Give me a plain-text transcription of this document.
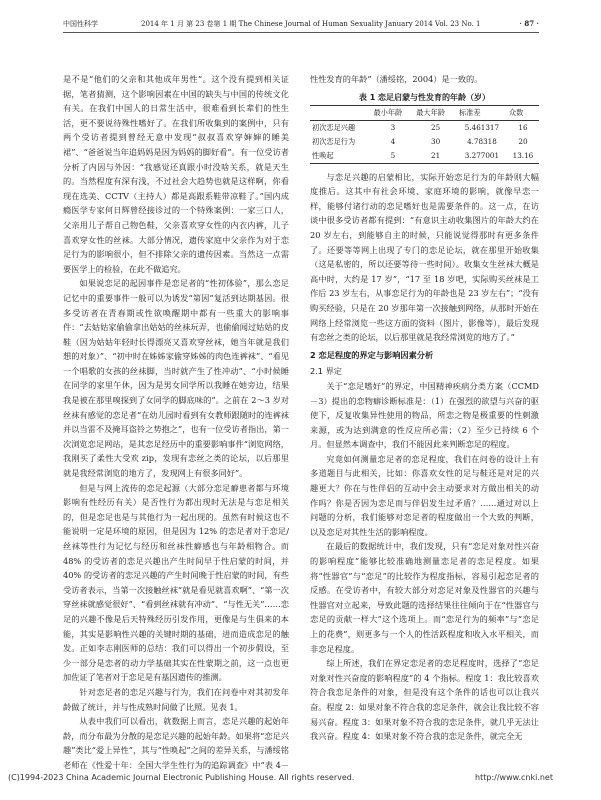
中国性科学	2014 年 1 月 第 23 卷第 1 期 The Chinese Journal of Human Sexuality January 2014 Vol. 23 No. 1	· 87 ·

是不是“他们的父亲和其他成年男性”。这个没有提到相关证据，笔者猜测，这个影响因素在中国的缺失与中国的传统文化有关。在我们中国人的日常生活中，很难看到长辈们的性生活，更不要说待殊性嗜好了。在我们所收集到的案例中，只有两个受访者提到曾经无意中发现“叔叔喜欢穿婶婶的睡美裙”、“爸爸说当年追妈妈是因为妈妈的脚好看”。有一位受访者分析了内因与外因：“我感觉还真跟小时没啥关系，就是天生的。当然程度有深有浅，不过社会大趋势也就是这样啊，你看现在选美、CCTV（主持人）都是高跟系鞋带凉鞋了。”国内成瘾医学专家何日辉曾经接诊过的一个特殊案例：一家三口人，父亲用儿子帮自己物色鞋，父亲喜欢穿女性的内衣内裤，儿子喜欢穿女性的丝袜。大部分情况，遗传家庭中父亲作为对于恋足行为的影响很小，但不排除父亲的遗传因素。当然这一点需要医学上的检验，在此不做追究。

如果说恋足的起因事件是恋足者的“性初体验”，那么恋足记忆中的重要事件一般可以为诱发“第因”复活到达期基因。很多受访者在青春期或性欲唤醒期中都有一些重大的影响事件：“去姑姑家偷偷拿出姑姑的丝袜玩弄，也偷偷闻过姑姑的皮鞋（因为姑姑年轻时长得漂亮又喜欢穿丝袜，她当年就是我们想的对象）”、“初中时在姊姊家偷穿姊姊的肉色连裤袜”、“看见一个唱歌的女孩的丝袜脚，当时就产生了性冲动”、“小时候睡在同学的家里午休，因为是男女同学所以我睡在她旁边，结果我是被在那里嗅探到了女同学的脚底味的”。之前在 2～3 岁对丝袜有感觉的恋足者“在幼儿园时看到有女教师跟随时的连裤袜并以当雷不及掩耳盗铃之势抱之”，也有一位受访者指出，第一次浏览恋足网站，是其恋足经历中的重要影响事件“浏览网络，我刚买了柔性大受欢 zip，发现有恋丝之类的论坛，以后那里就是我经常浏览的地方了，发现网上有很多同好”。

但是与网上流传的恋足起源（大部分恋足癖患者都与环境影响有性经历有关）是否性行为都出现时无法是与恋足相关的，但是恋足也是与其他行为一起出现的。虽然有时候这也不能说明一定是环境的原因，但是因为 12% 的恋足者对于恋足/丝袜等性行为记忆与经历和丝袜性癖感也与年龄相物合。而 48% 的受访者的恋足兴趣出产生时间早于性启蒙的时间，并 40% 的受访者的恋足兴趣的产生时间晚于性启蒙的时间，有些受访者表示，当第一次接触丝袜“就是看见就喜欢啊”、“第一次穿丝袜就感觉很好”、“看到丝袜就有冲动”、“与性无关”……恋足的兴趣不像是后天特殊经历引发作用，更像是与生俱来的本能，其实是影响性兴趣的关键时期的基础，进而造成恋足的触发。正如李志刚医师的总结：我们可以得出一个初步假设，至少一部分是恋者的动力学基础其实在性蒙期之前，这一点也更加佐证了笔者对于恋足是有基因遗传的推测。

针对恋足者的恋足兴趣与行为，我们在问卷中对其初发年龄做了统计，并与性成熟时间做了比照。见表 1。

从表中我们可以看出，就数据上而言，恋足兴趣的起始年龄，而分布最为分散的是恋足兴趣的起始年龄。如果将“恋足兴趣”类比“爱上异性”，其与“性唤起”之间的差异关系，与潘绥铭老师在《性爱十年：全国大学生性行为的追踪调查》中“表 4－

性性发育的年龄”（潘绥铭，2004）是一致的。

表 1 恋足启蒙与性发育的年龄（岁）
	最小年龄	最大年龄	标准差	众数
初次恋足兴趣	3	25	5.461317	16
初次恋足行为	4	30	4.78318	20
性唤起	5	21	3.277001	13.16

与恋足兴趣的启蒙相比，实际开始恋足行为的年龄则大幅度推后。这其中有社会环境、家庭环境的影响，就像早恋一样，能够付诸行动的恋足嗜好也是需要条件的。这一点，在访谈中很多受访者都有提到：“有意识主动收集图片的年龄大约在 20 岁左右，到能够自主的时候，只能说觉得那时有更多条件了。还要等等网上出现了专门的恋足论坛，就在那里开始收集（这是私密的，所以还要等待一些时间）。收集女生丝袜大概是高中时，大约是 17 岁”，“17 至 18 岁吧，实际购买丝袜是工作后 23 岁左右，从事恋足行为的年龄也是 23 岁左右”；“没有购买经验，只是在 20 岁那年第一次接触到网络，从那时开始在网络上经常浏览一些这方面的资料（图片，影像等），最后发现有恋丝之类的论坛，以后那里就是我经常浏览的地方了。”

2 恋足程度的界定与影响因素分析
2.1 界定

关于“恋足嗜好”的界定，中国精神疾病分类方案（CCMD－3）提出的恋物癖诊断标准是：（1）在强烈的欲望与兴奋的驱使下，反复收集异性使用的物品，所恋之物是极重要的性刺激来源，或为达到满意的性反应所必需；（2）至少已持续 6 个月。但显然本调查中，我们不能因此来判断恋足的程度。

究竟如何测量恋足者的恋足程度，我们在问卷的设计上有多道题目与此相关，比如：你喜欢女性的足与鞋还是对足的兴趣更大？你在与性伴侣的互动中会主动要求对方做出相关的动作吗？你是否因为恋足而与伴侣发生过矛盾？……通过对以上问题的分析，我们能够对恋足者的程度做出一个大致的判断，以及恋足对其性生活的影响程度。

在最后的数据统计中，我们发现，只有“恋足对象对性兴奋的影响程度”能够比较准确地测量恋足者的恋足程度。如果将“性器官”与“恋足”的比较作为程度指标，容易引起恋足者的反感。在受访者中，有较大部分对恋足对象及性器官的兴趣与性器官对立起来，导致此题的选择结果往往倾向于在“性器官与恋足的贡献一样大”这个选项上。而“恋足行为的频率”与“恋足上的花费”，则更多与一个人的性活跃程度和收入水平相关，而非恋足程度。

综上所述，我们在界定恋足者的恋足程度时，选择了“恋足对象对性兴奋度的影响程度”的 4 个指标。程度 1：我比较喜欢符合我恋足条件的对象，但是没有这个条件的话也可以让我兴奋。程度 2：如果对象不符合我的恋足条件，就会让我比较不容易兴奋。程度 3：如果对象不符合我的恋足条件，就几乎无法让我兴奋。程度 4：如果对象不符合我的恋足条件，就完全无

(C)1994-2023 China Academic Journal Electronic Publishing House. All rights reserved.	http://www.cnki.net
